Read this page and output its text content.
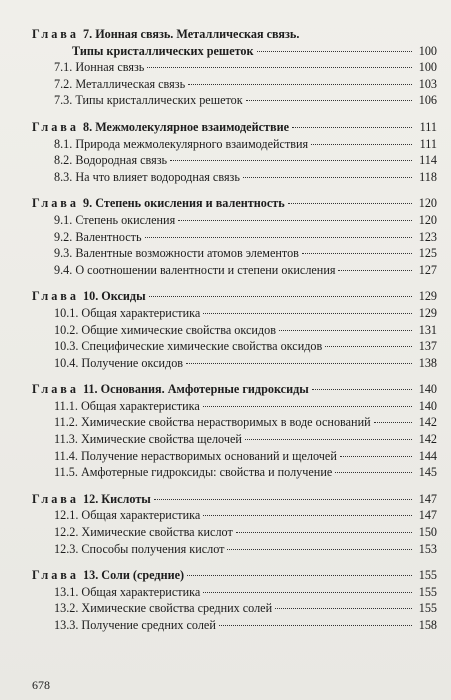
Глава 7. Ионная связь. Металлическая связь.
Типы кристаллических решеток	100
7.1. Ионная связь	100
7.2. Металлическая связь	103
7.3. Типы кристаллических решеток	106
Глава 8. Межмолекулярное взаимодействие	111
8.1. Природа межмолекулярного взаимодействия	111
8.2. Водородная связь	114
8.3. На что влияет водородная связь	118
Глава 9. Степень окисления и валентность	120
9.1. Степень окисления	120
9.2. Валентность	123
9.3. Валентные возможности атомов элементов	125
9.4. О соотношении валентности и степени окисления	127
Глава 10. Оксиды	129
10.1. Общая характеристика	129
10.2. Общие химические свойства оксидов	131
10.3. Специфические химические свойства оксидов	137
10.4. Получение оксидов	138
Глава 11. Основания. Амфотерные гидроксиды	140
11.1. Общая характеристика	140
11.2. Химические свойства нерастворимых в воде оснований	142
11.3. Химические свойства щелочей	142
11.4. Получение нерастворимых оснований и щелочей	144
11.5. Амфотерные гидроксиды: свойства и получение	145
Глава 12. Кислоты	147
12.1. Общая характеристика	147
12.2. Химические свойства кислот	150
12.3. Способы получения кислот	153
Глава 13. Соли (средние)	155
13.1. Общая характеристика	155
13.2. Химические свойства средних солей	155
13.3. Получение средних солей	158
678
